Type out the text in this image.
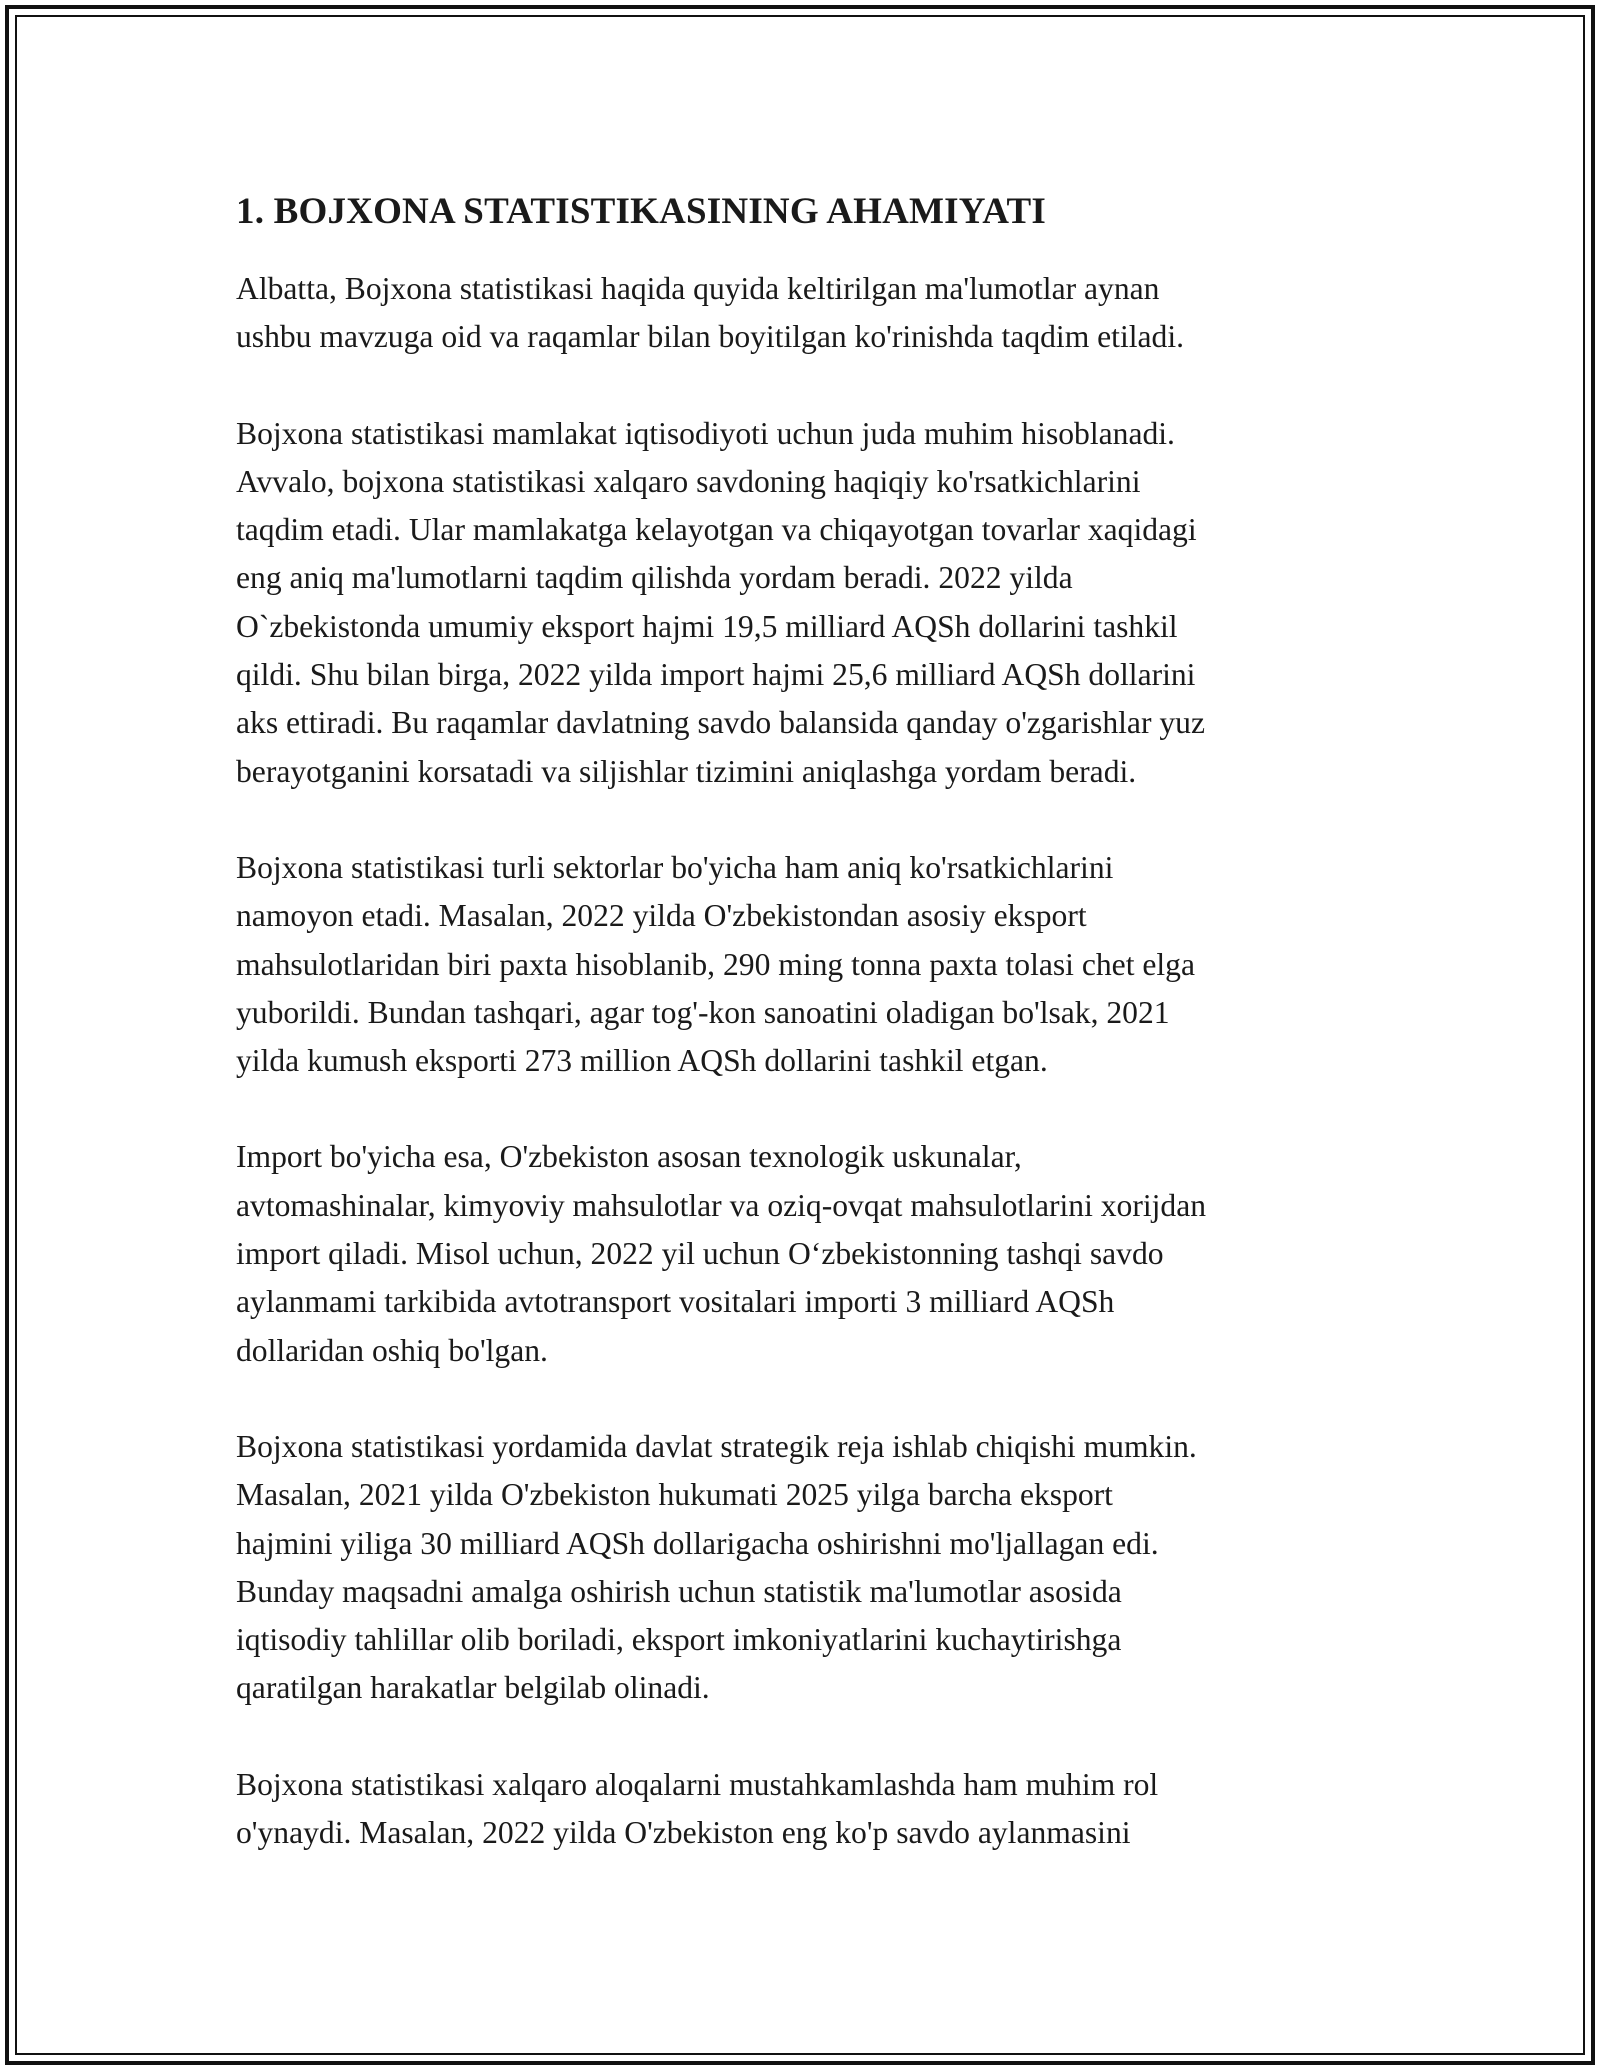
1. BOJXONA STATISTIKASINING AHAMIYATI

Albatta, Bojxona statistikasi haqida quyida keltirilgan ma'lumotlar aynan
ushbu mavzuga oid va raqamlar bilan boyitilgan ko'rinishda taqdim etiladi.

Bojxona statistikasi mamlakat iqtisodiyoti uchun juda muhim hisoblanadi.
Avvalo, bojxona statistikasi xalqaro savdoning haqiqiy ko'rsatkichlarini
taqdim etadi. Ular mamlakatga kelayotgan va chiqayotgan tovarlar xaqidagi
eng aniq ma'lumotlarni taqdim qilishda yordam beradi. 2022 yilda
O`zbekistonda umumiy eksport hajmi 19,5 milliard AQSh dollarini tashkil
qildi. Shu bilan birga, 2022 yilda import hajmi 25,6 milliard AQSh dollarini
aks ettiradi. Bu raqamlar davlatning savdo balansida qanday o'zgarishlar yuz
berayotganini korsatadi va siljishlar tizimini aniqlashga yordam beradi.

Bojxona statistikasi turli sektorlar bo'yicha ham aniq ko'rsatkichlarini
namoyon etadi. Masalan, 2022 yilda O'zbekistondan asosiy eksport
mahsulotlaridan biri paxta hisoblanib, 290 ming tonna paxta tolasi chet elga
yuborildi. Bundan tashqari, agar tog'-kon sanoatini oladigan bo'lsak, 2021
yilda kumush eksporti 273 million AQSh dollarini tashkil etgan.

Import bo'yicha esa, O'zbekiston asosan texnologik uskunalar,
avtomashinalar, kimyoviy mahsulotlar va oziq-ovqat mahsulotlarini xorijdan
import qiladi. Misol uchun, 2022 yil uchun O‘zbekistonning tashqi savdo
aylanmami tarkibida avtotransport vositalari importi 3 milliard AQSh
dollaridan oshiq bo'lgan.

Bojxona statistikasi yordamida davlat strategik reja ishlab chiqishi mumkin.
Masalan, 2021 yilda O'zbekiston hukumati 2025 yilga barcha eksport
hajmini yiliga 30 milliard AQSh dollarigacha oshirishni mo'ljallagan edi.
Bunday maqsadni amalga oshirish uchun statistik ma'lumotlar asosida
iqtisodiy tahlillar olib boriladi, eksport imkoniyatlarini kuchaytirishga
qaratilgan harakatlar belgilab olinadi.

Bojxona statistikasi xalqaro aloqalarni mustahkamlashda ham muhim rol
o'ynaydi. Masalan, 2022 yilda O'zbekiston eng ko'p savdo aylanmasini
